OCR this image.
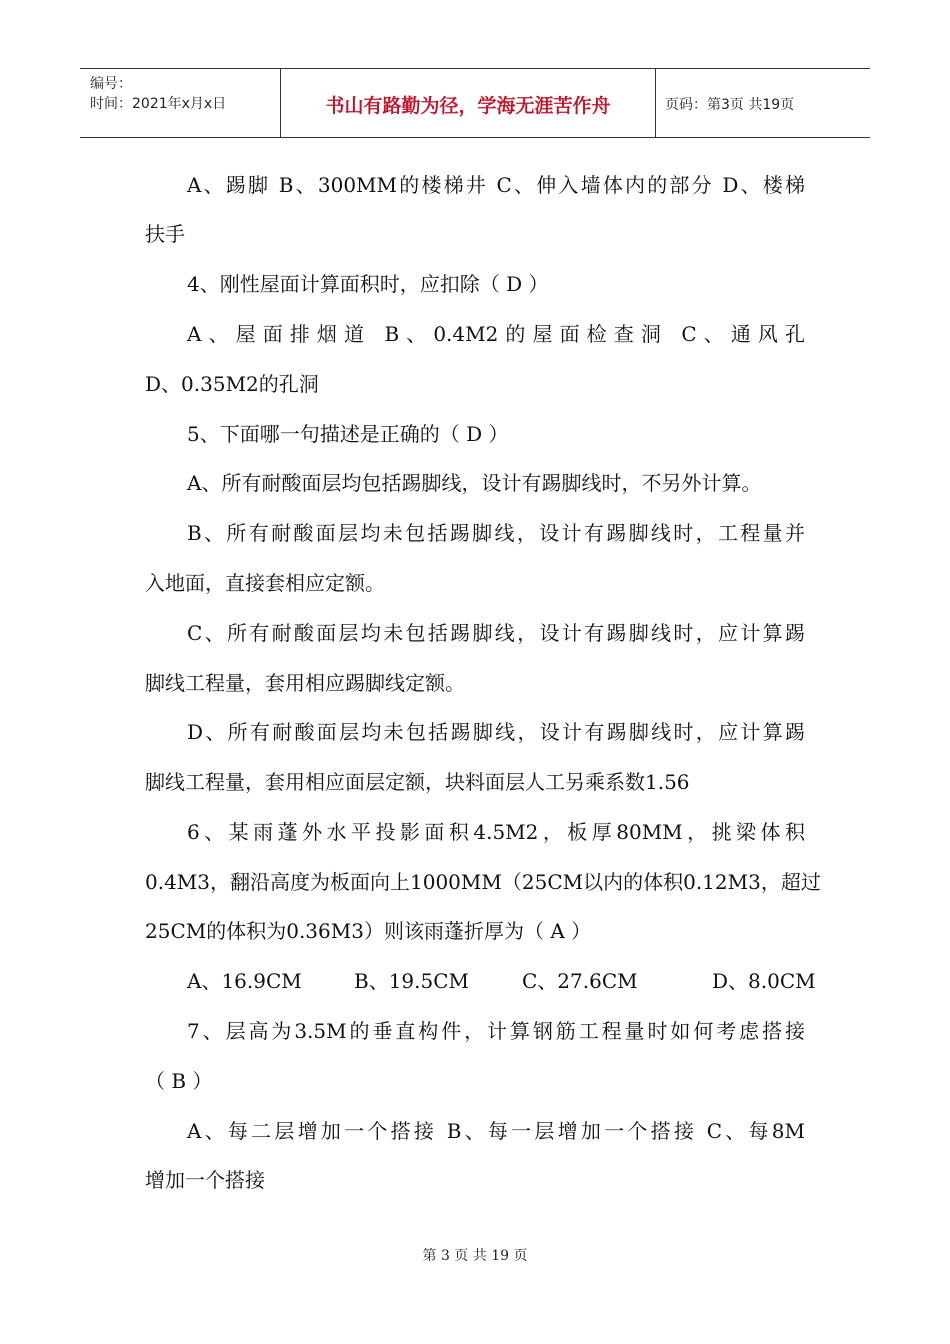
编号：
时间：2021年x月x日	书山有路勤为径，学海无涯苦作舟	页码：第3页 共19页
A、踢脚 B、300MM的楼梯井 C、伸入墙体内的部分 D、楼梯
扶手
4、刚性屋面计算面积时，应扣除（ D ）
A、屋面排烟道 B、0.4M2的屋面检查洞 C、通风孔
D、0.35M2的孔洞
5、下面哪一句描述是正确的（ D ）
A、所有耐酸面层均包括踢脚线，设计有踢脚线时，不另外计算。
B、所有耐酸面层均未包括踢脚线，设计有踢脚线时，工程量并
入地面，直接套相应定额。
C、所有耐酸面层均未包括踢脚线，设计有踢脚线时，应计算踢
脚线工程量，套用相应踢脚线定额。
D、所有耐酸面层均未包括踢脚线，设计有踢脚线时，应计算踢
脚线工程量，套用相应面层定额，块料面层人工另乘系数1.56
6、某雨蓬外水平投影面积4.5M2，板厚80MM，挑梁体积
0.4M3，翻沿高度为板面向上1000MM（25CM以内的体积0.12M3，超过
25CM的体积为0.36M3）则该雨蓬折厚为（ A ）
A、16.9CM	B、19.5CM	C、27.6CM	D、8.0CM
7、层高为3.5M的垂直构件，计算钢筋工程量时如何考虑搭接
（ B ）
A、每二层增加一个搭接 B、每一层增加一个搭接 C、每8M
增加一个搭接
第 3 页 共 19 页
